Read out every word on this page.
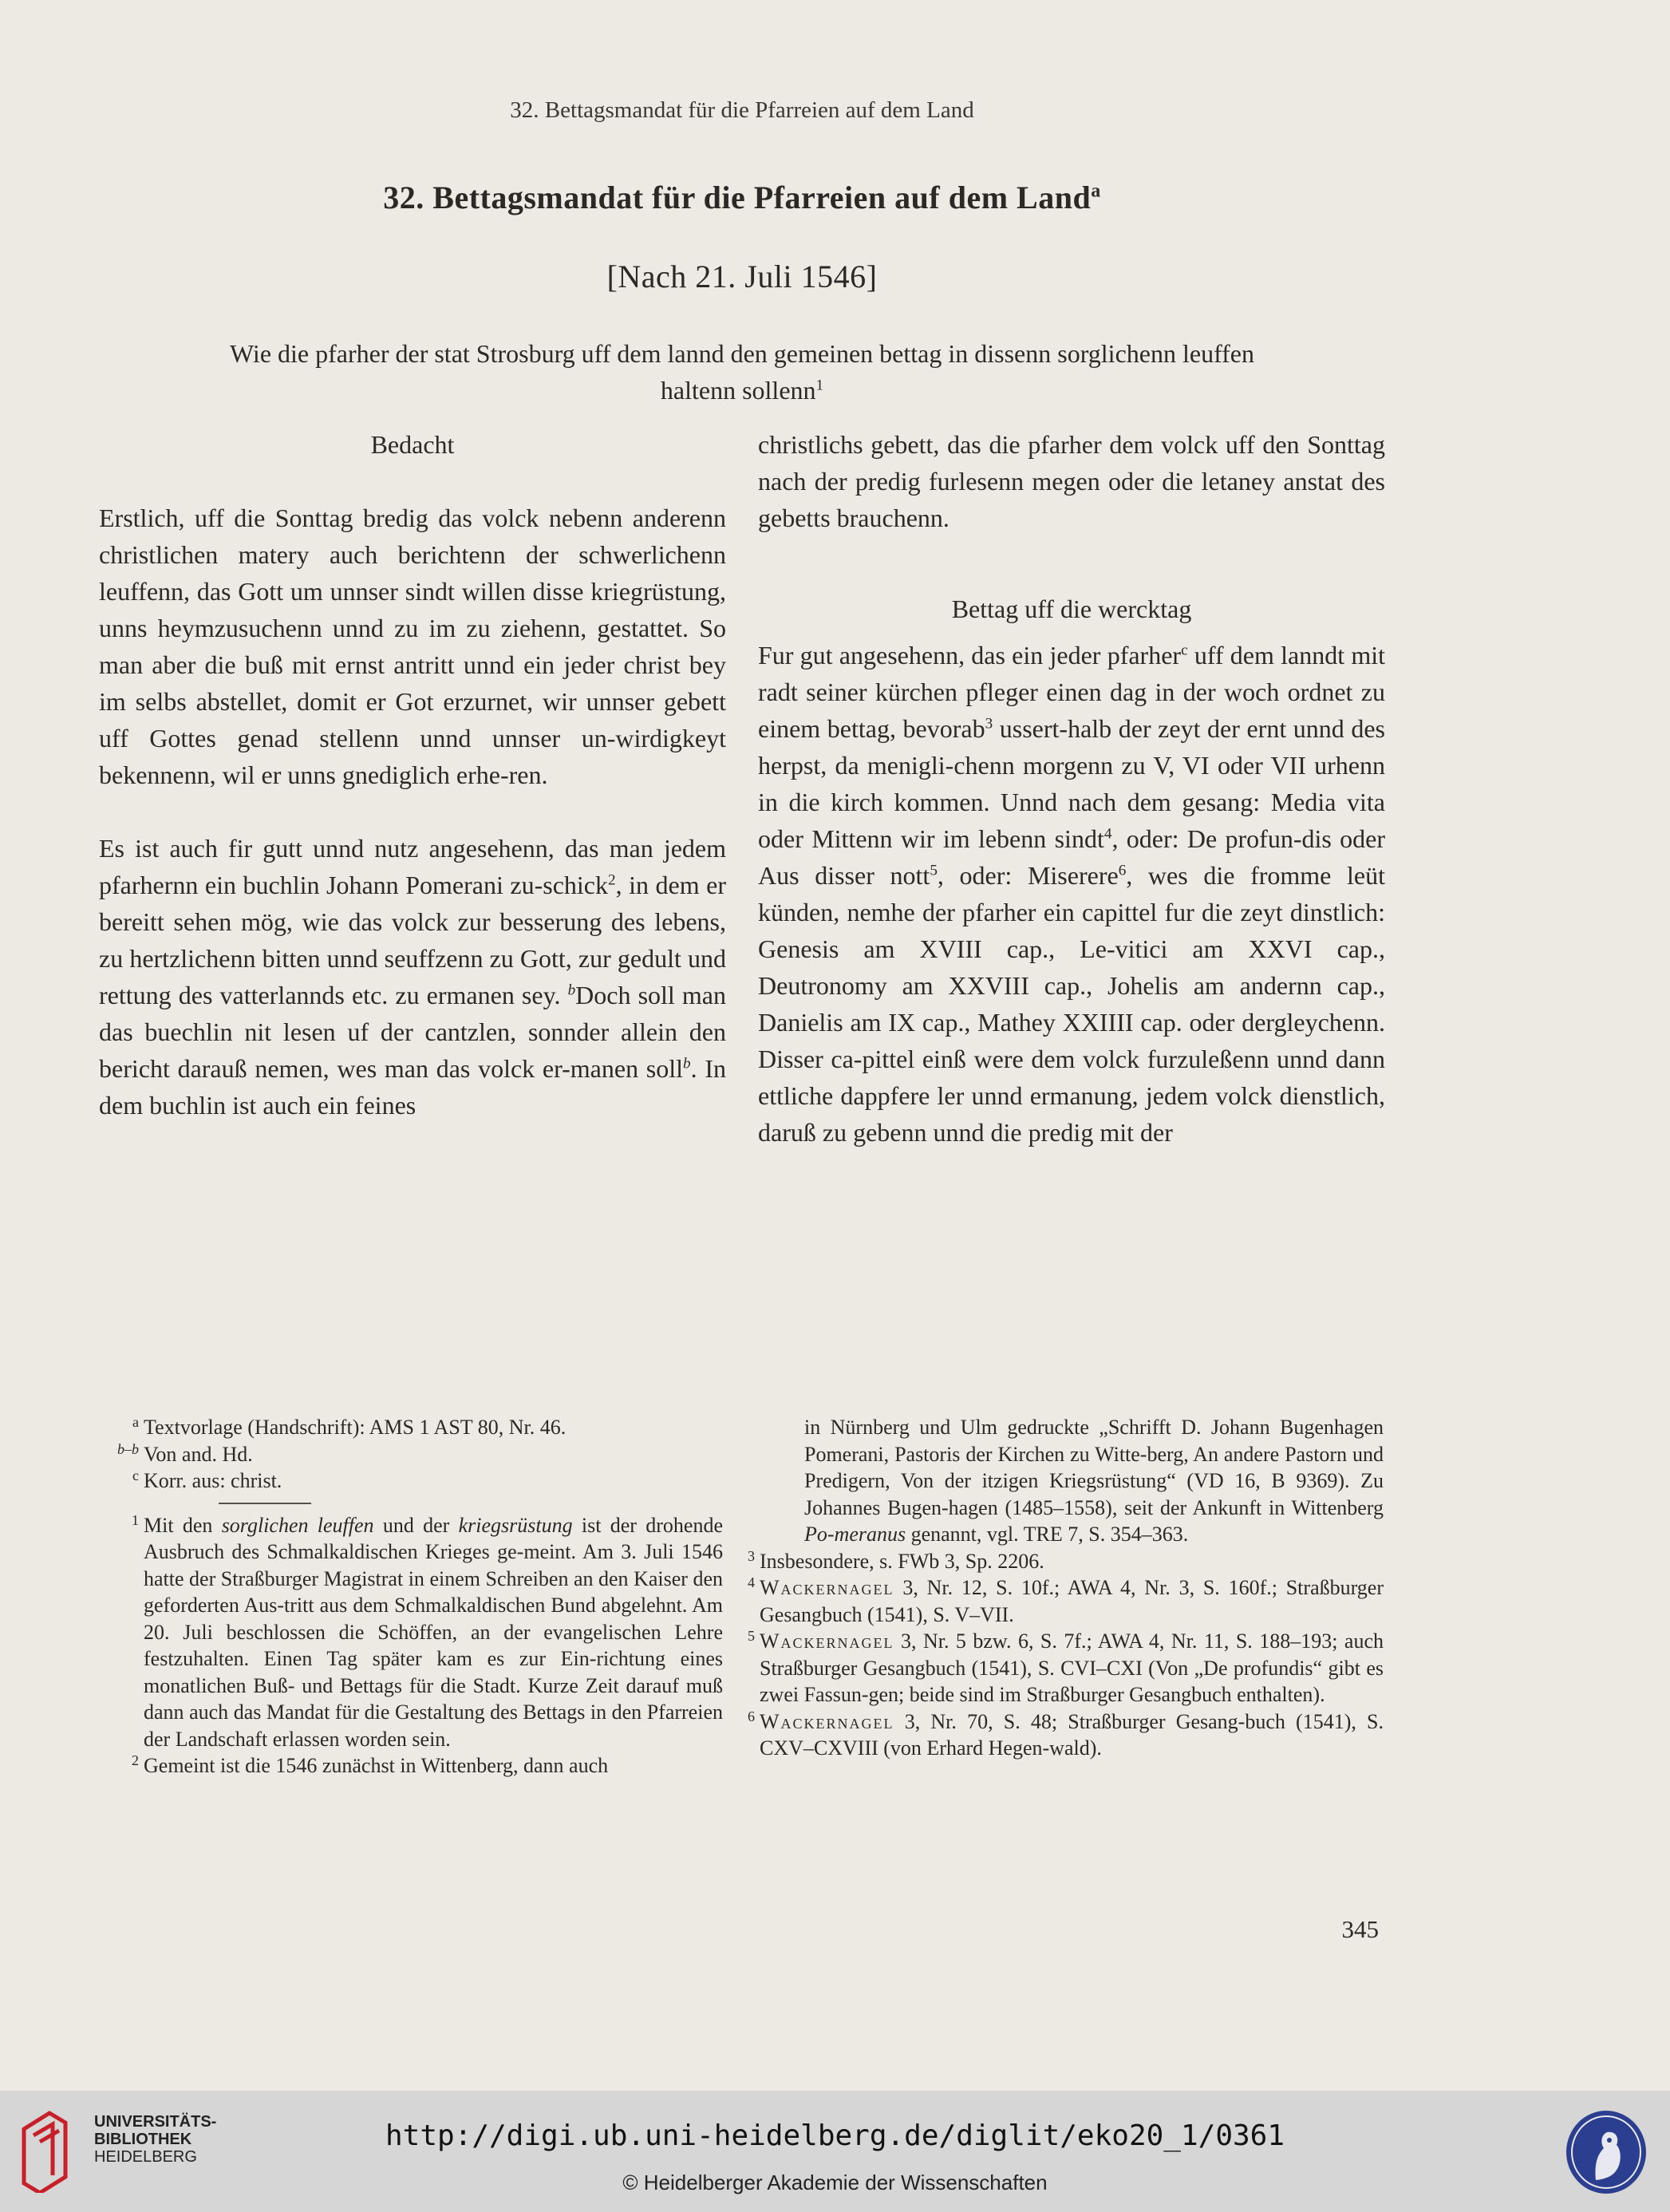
32. Bettagsmandat für die Pfarreien auf dem Land
32. Bettagsmandat für die Pfarreien auf dem Land$^a$
[Nach 21. Juli 1546]
Wie die pfarher der stat Strosburg uff dem lannd den gemeinen bettag in dissenn sorglichenn leuffen haltenn sollenn$^1$

Bedacht

Erstlich, uff die Sonttag bredig das volck nebenn anderenn christlichen matery auch berichtenn der schwerlichenn leuffenn, das Gott um unnser sindt willen disse kriegrüstung, unns heymzusuchenn unnd zu im zu ziehenn, gestattet. So man aber die buß mit ernst antritt unnd ein jeder christ bey im selbs abstellet, domit er Got erzurnet, wir unnser gebett uff Gottes genad stellenn unnd unnser un-wirdigkeyt bekennenn, wil er unns gnediglich erhe-ren.

Es ist auch fir gutt unnd nutz angesehenn, das man jedem pfarhernn ein buchlin Johann Pomerani zu-schick$^2$, in dem er bereitt sehen mög, wie das volck zur besserung des lebens, zu hertzlichenn bitten unnd seuffzenn zu Gott, zur gedult und rettung des vatterlannds etc. zu ermanen sey. $^b$Doch soll man das buechlin nit lesen uf der cantzlen, sonnder allein den bericht darauß nemen, wes man das volck er-manen soll$^b$. In dem buchlin ist auch ein feines

christlichs gebett, das die pfarher dem volck uff den Sonttag nach der predig furlesenn megen oder die letaney anstat des gebetts brauchenn.

Bettag uff die wercktag

Fur gut angesehenn, das ein jeder pfarher$^c$ uff dem lanndt mit radt seiner kürchen pfleger einen dag in der woch ordnet zu einem bettag, bevorab$^3$ ussert-halb der zeyt der ernt unnd des herpst, da menigli-chenn morgenn zu V, VI oder VII urhenn in die kirch kommen. Unnd nach dem gesang: Media vita oder Mittenn wir im lebenn sindt$^4$, oder: De profun-dis oder Aus disser nott$^5$, oder: Miserere$^6$, wes die fromme leüt künden, nemhe der pfarher ein capittel fur die zeyt dinstlich: Genesis am XVIII cap., Le-vitici am XXVI cap., Deutronomy am XXVIII cap., Johelis am andernn cap., Danielis am IX cap., Mathey XXIIII cap. oder dergleychenn. Disser ca-pittel einß were dem volck furzuleßenn unnd dann ettliche dappfere ler unnd ermanung, jedem volck dienstlich, daruß zu gebenn unnd die predig mit der

a Textvorlage (Handschrift): AMS 1 AST 80, Nr. 46.

b–b Von and. Hd.

c Korr. aus: christ.

1 Mit den sorglichen leuffen und der kriegsrüstung ist der drohende Ausbruch des Schmalkaldischen Krieges ge-meint. Am 3. Juli 1546 hatte der Straßburger Magistrat in einem Schreiben an den Kaiser den geforderten Aus-tritt aus dem Schmalkaldischen Bund abgelehnt. Am 20. Juli beschlossen die Schöffen, an der evangelischen Lehre festzuhalten. Einen Tag später kam es zur Ein-richtung eines monatlichen Buß- und Bettags für die Stadt. Kurze Zeit darauf muß dann auch das Mandat für die Gestaltung des Bettags in den Pfarreien der Landschaft erlassen worden sein.

2 Gemeint ist die 1546 zunächst in Wittenberg, dann auch

in Nürnberg und Ulm gedruckte „Schrifft D. Johann Bugenhagen Pomerani, Pastoris der Kirchen zu Witte-berg, An andere Pastorn und Predigern, Von der itzigen Kriegsrüstung“ (VD 16, B 9369). Zu Johannes Bugen-hagen (1485–1558), seit der Ankunft in Wittenberg Po-meranus genannt, vgl. TRE 7, S. 354–363.

3 Insbesondere, s. FWb 3, Sp. 2206.

4 Wackernagel 3, Nr. 12, S. 10f.; AWA 4, Nr. 3, S. 160f.; Straßburger Gesangbuch (1541), S. V–VII.

5 Wackernagel 3, Nr. 5 bzw. 6, S. 7f.; AWA 4, Nr. 11, S. 188–193; auch Straßburger Gesangbuch (1541), S. CVI–CXI (Von „De profundis“ gibt es zwei Fassun-gen; beide sind im Straßburger Gesangbuch enthalten).

6 Wackernagel 3, Nr. 70, S. 48; Straßburger Gesang-buch (1541), S. CXV–CXVIII (von Erhard Hegen-wald).

345
UNIVERSITÄTS-
BIBLIOTHEK
HEIDELBERG
http://digi.ub.uni-heidelberg.de/diglit/eko20_1/0361
© Heidelberger Akademie der Wissenschaften
